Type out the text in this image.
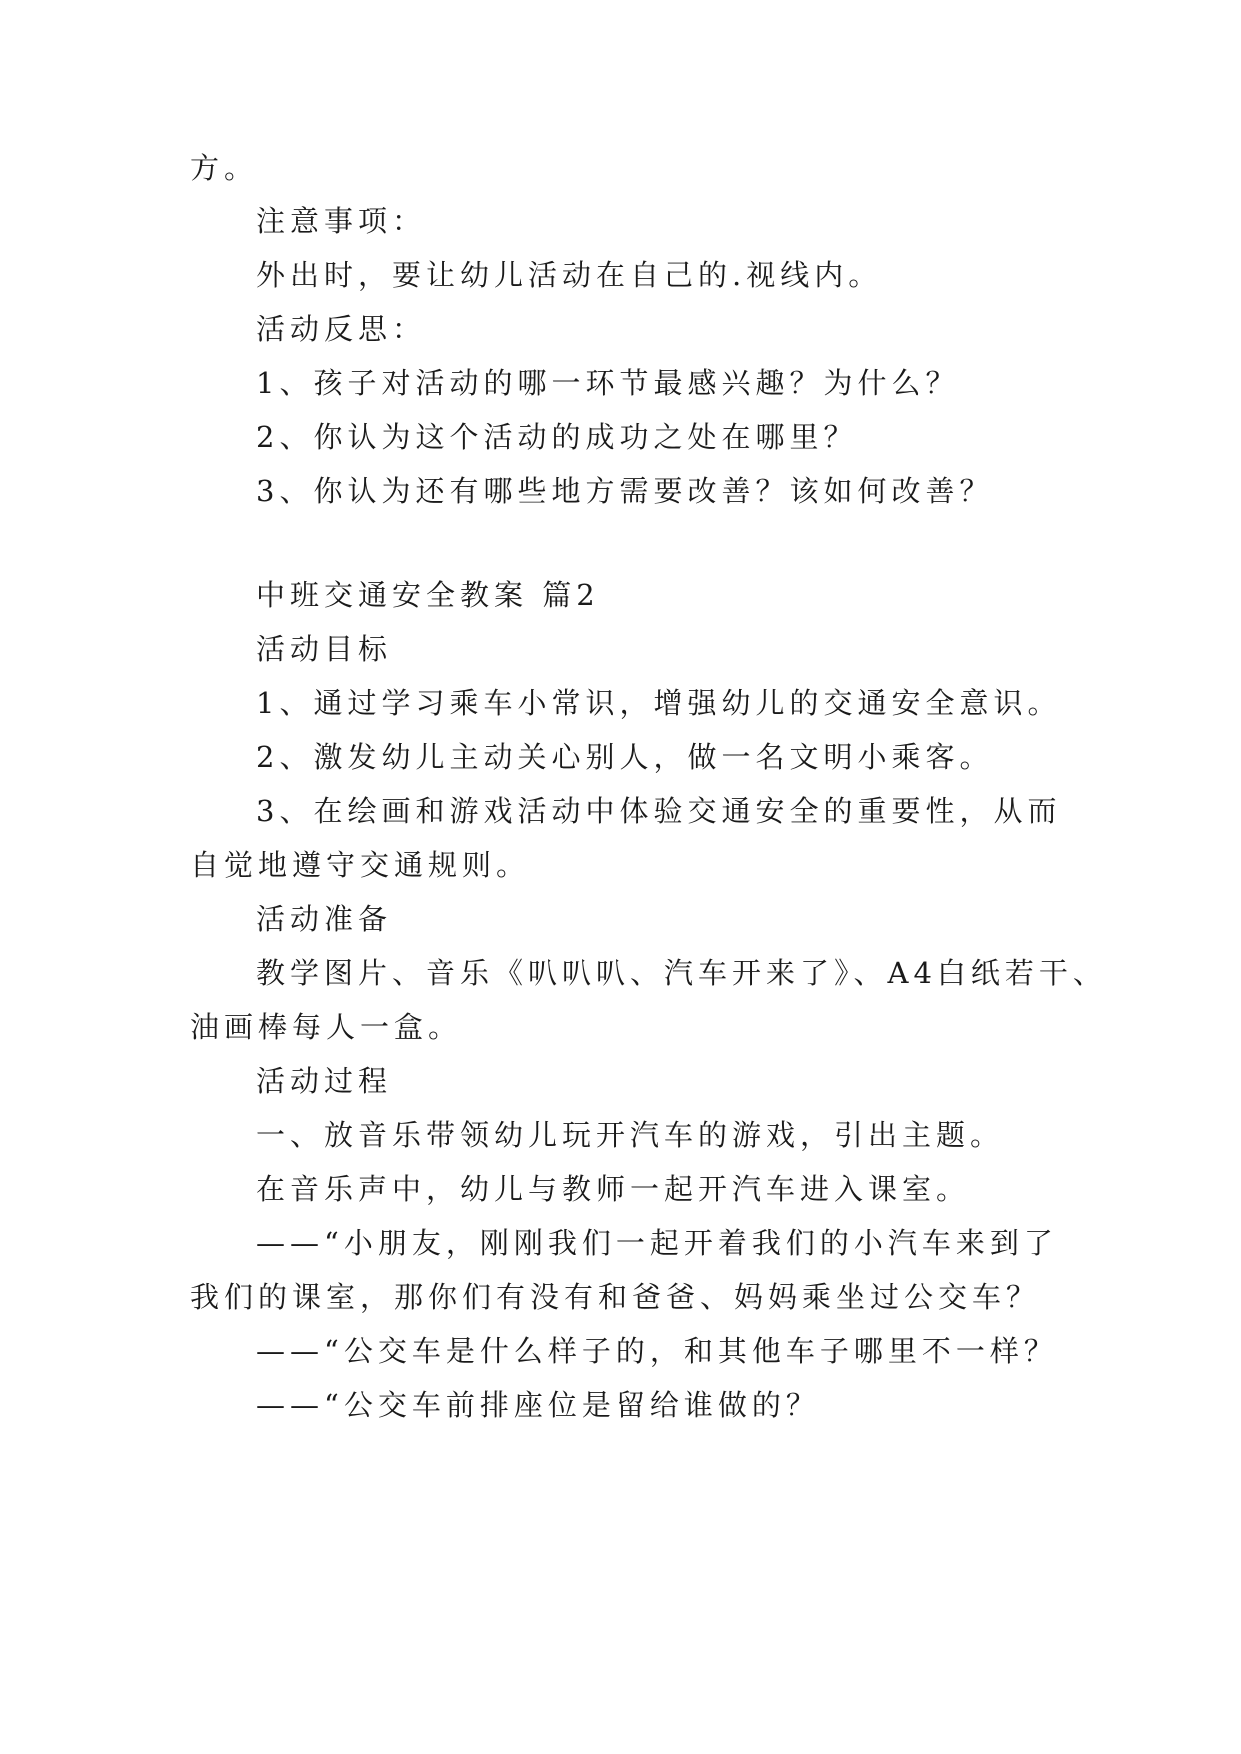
方。
注意事项：
外出时，要让幼儿活动在自己的.视线内。
活动反思：
1、孩子对活动的哪一环节最感兴趣？为什么？
2、你认为这个活动的成功之处在哪里？
3、你认为还有哪些地方需要改善？该如何改善？
中班交通安全教案 篇2
活动目标
1、通过学习乘车小常识，增强幼儿的交通安全意识。
2、激发幼儿主动关心别人，做一名文明小乘客。
3、在绘画和游戏活动中体验交通安全的重要性，从而
自觉地遵守交通规则。
活动准备
教学图片、音乐《叭叭叭、汽车开来了》、A4白纸若干、
油画棒每人一盒。
活动过程
一、放音乐带领幼儿玩开汽车的游戏，引出主题。
在音乐声中，幼儿与教师一起开汽车进入课室。
——“小朋友，刚刚我们一起开着我们的小汽车来到了
我们的课室，那你们有没有和爸爸、妈妈乘坐过公交车？
——“公交车是什么样子的，和其他车子哪里不一样？
——“公交车前排座位是留给谁做的？
